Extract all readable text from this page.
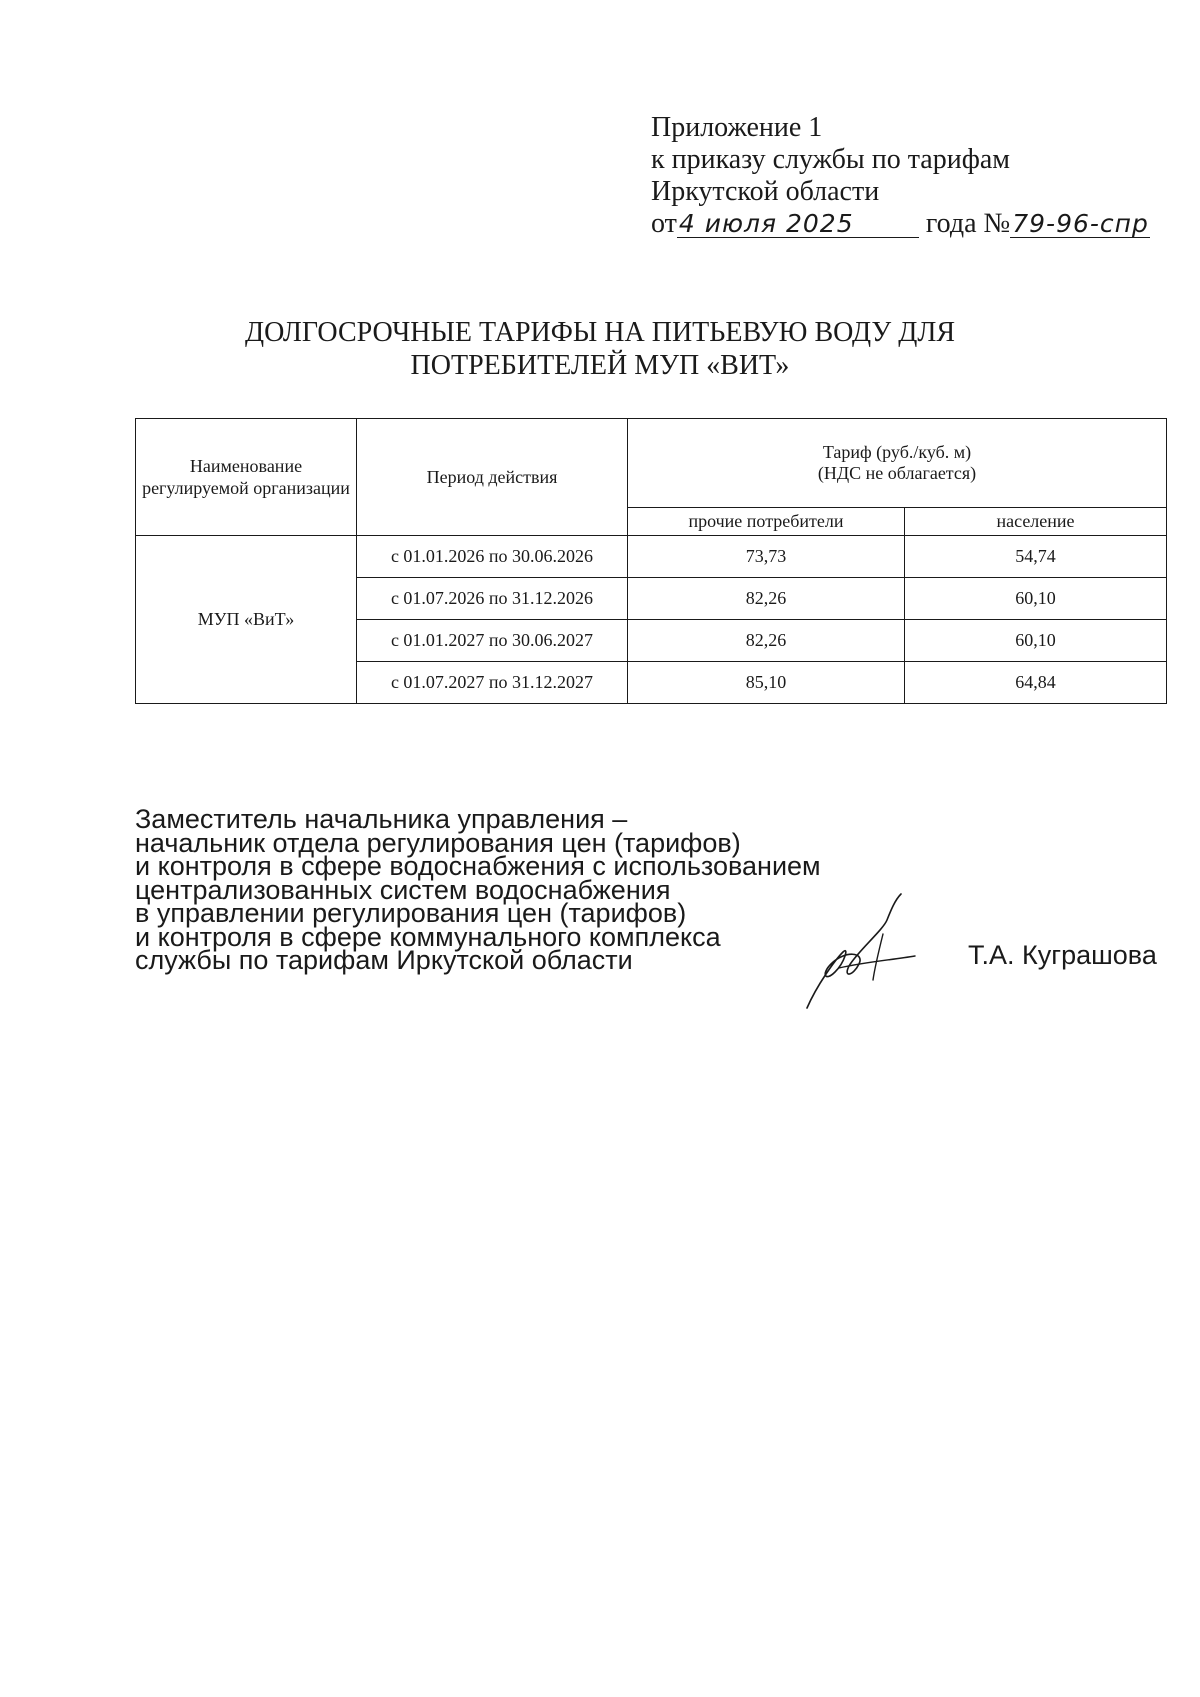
Приложение 1
к приказу службы по тарифам
Иркутской области
от4 июля 2025	года №79-96-спр
ДОЛГОСРОЧНЫЕ ТАРИФЫ НА ПИТЬЕВУЮ ВОДУ ДЛЯ
ПОТРЕБИТЕЛЕЙ МУП «ВИТ»
Наименование регулируемой организации	Период действия	Тариф (руб./куб. м)
(НДС не облагается)	

		прочие потребители	население
МУП «ВиТ»	с 01.01.2026 по 30.06.2026	73,73	54,74
	с 01.07.2026 по 31.12.2026	82,26	60,10
	с 01.01.2027 по 30.06.2027	82,26	60,10
	с 01.07.2027 по 31.12.2027	85,10	64,84
Заместитель начальника управления –
начальник отдела регулирования цен (тарифов)
и контроля в сфере водоснабжения с использованием
централизованных систем водоснабжения
в управлении регулирования цен (тарифов)
и контроля в сфере коммунального комплекса
службы по тарифам Иркутской области	Т.А. Кугрaшова
